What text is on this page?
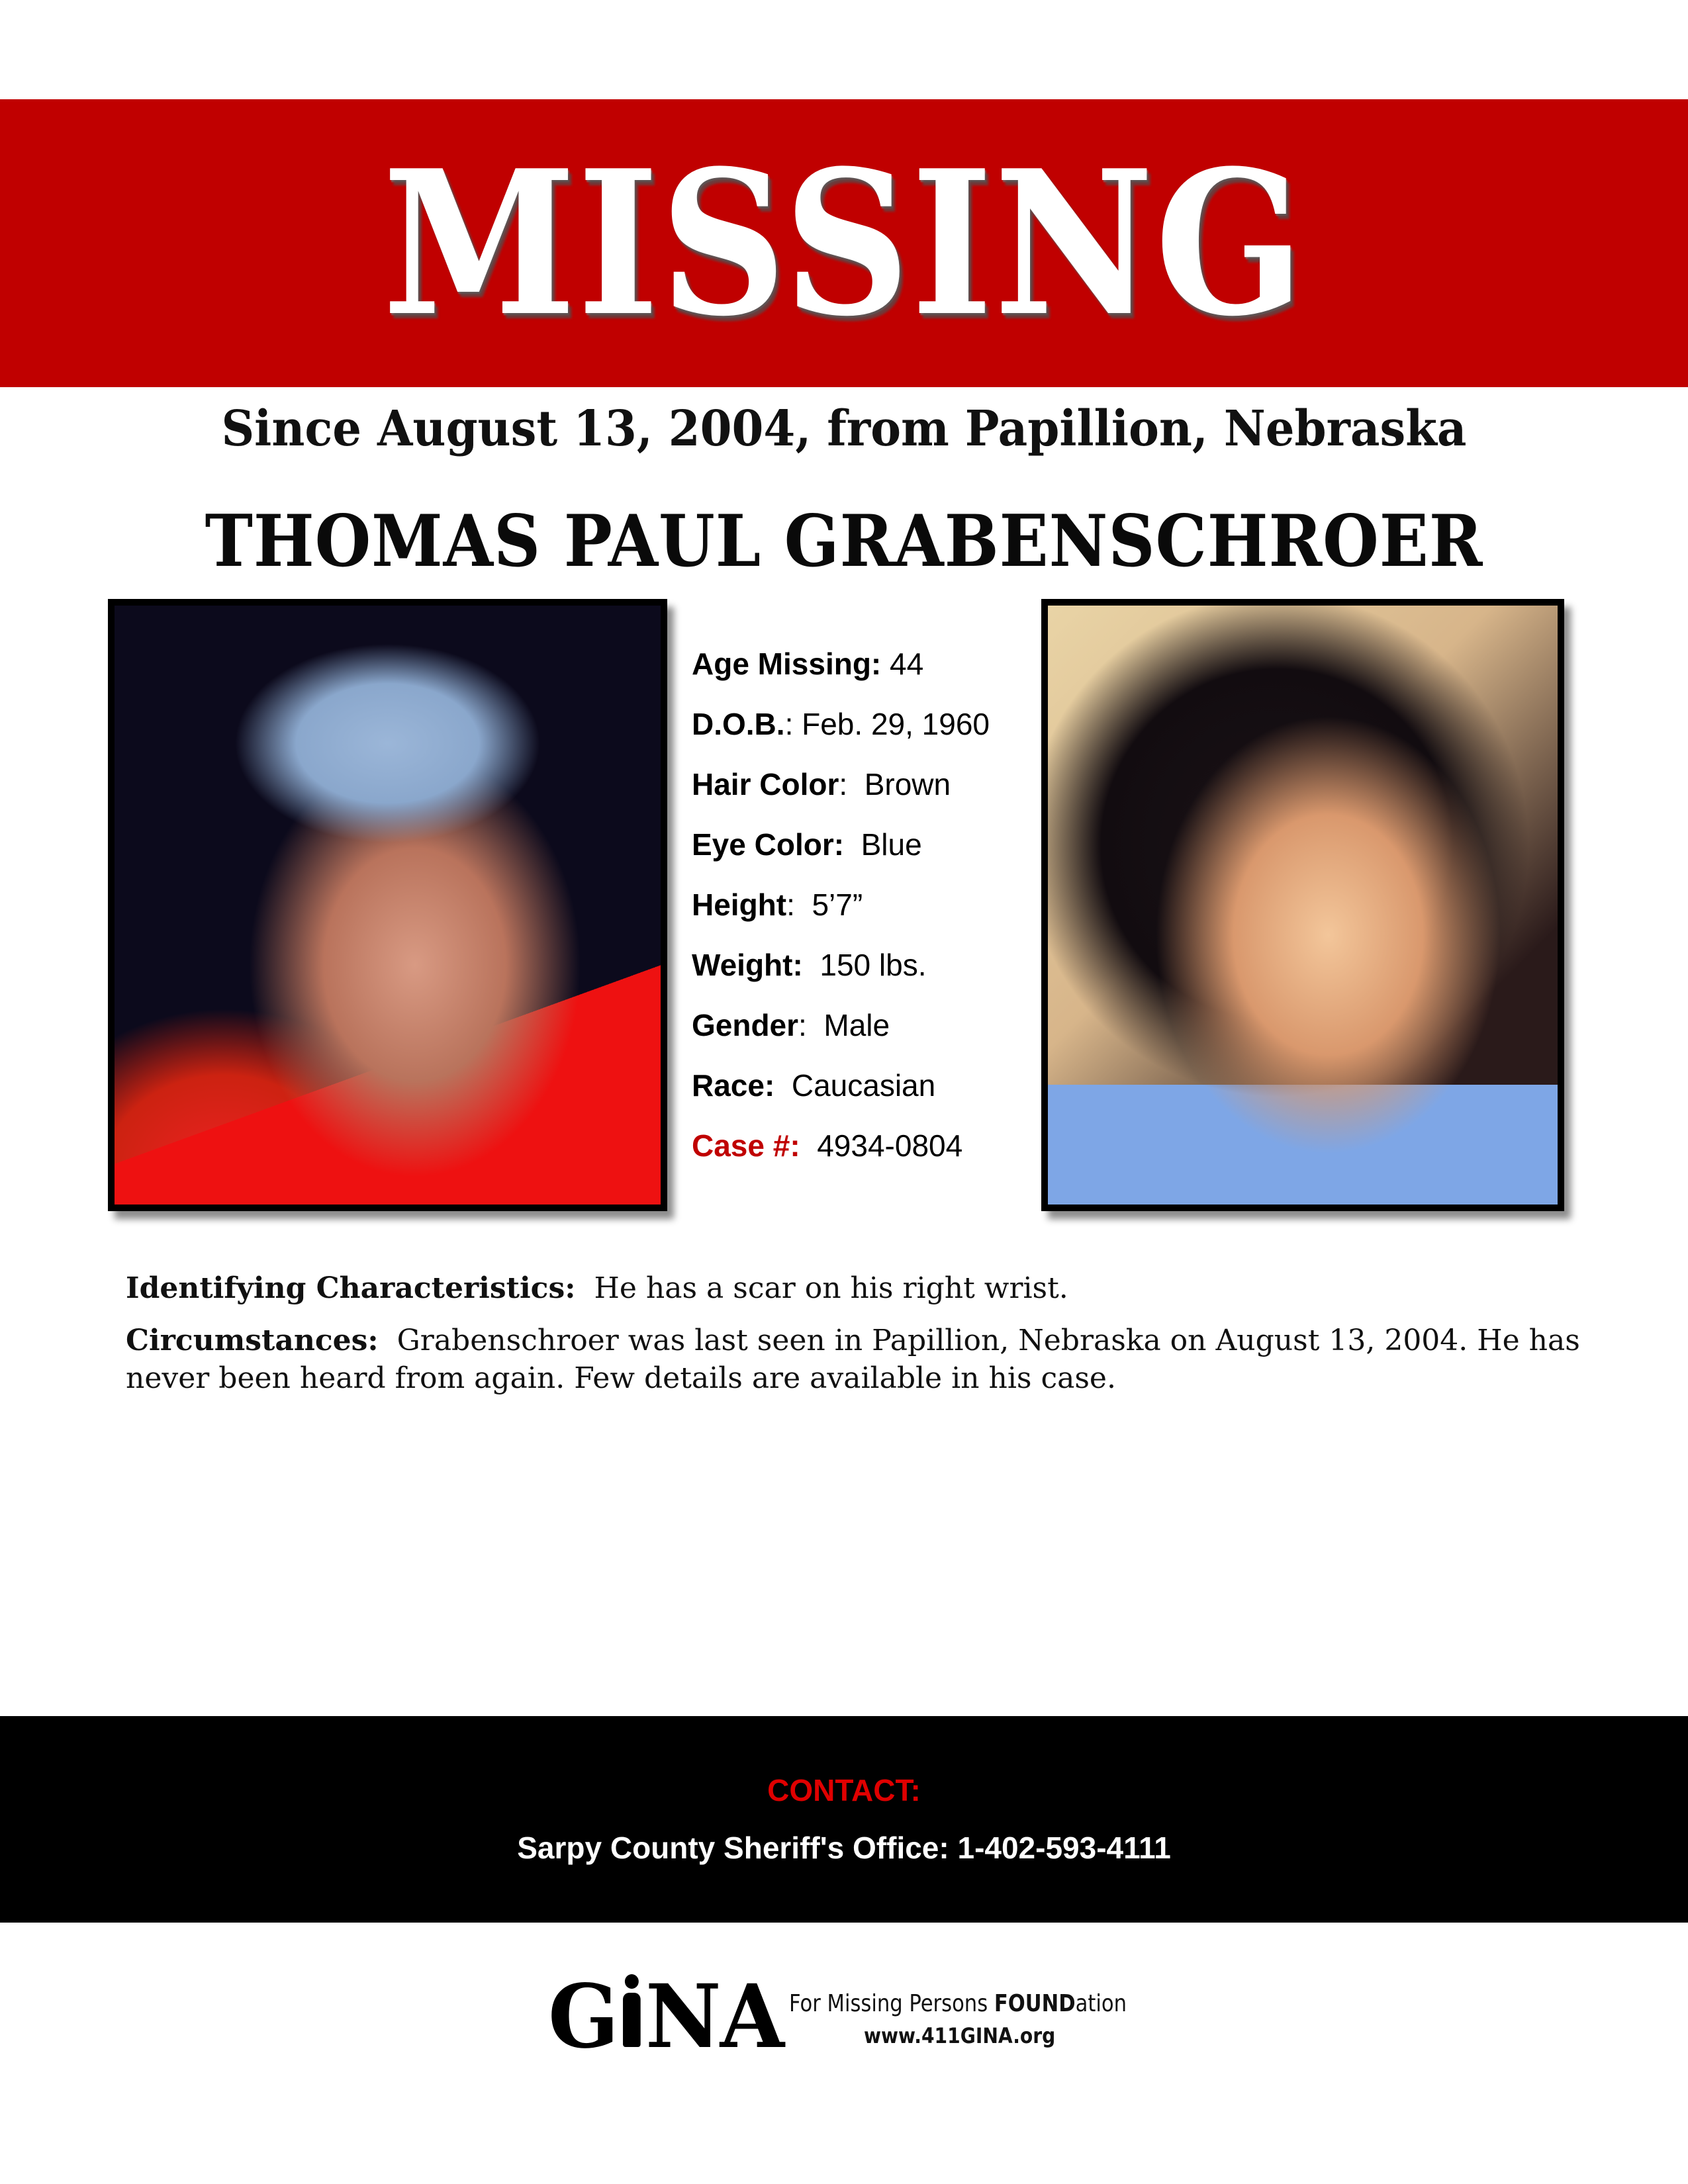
MISSING
Since August 13, 2004, from Papillion, Nebraska
THOMAS PAUL GRABENSCHROER
Age Missing: 44
D.O.B.: Feb. 29, 1960
Hair Color:  Brown
Eye Color:  Blue
Height:  5’7”
Weight:  150 lbs.
Gender:  Male
Race:  Caucasian
Case #:  4934-0804

Identifying Characteristics: He has a scar on his right wrist.

Circumstances: Grabenschroer was last seen in Papillion, Nebraska on August 13, 2004. He has never been heard from again. Few details are available in his case.

CONTACT:
Sarpy County Sheriff's Office: 1-402-593-4111
G NA For Missing Persons FOUNDation
www.411GINA.org
